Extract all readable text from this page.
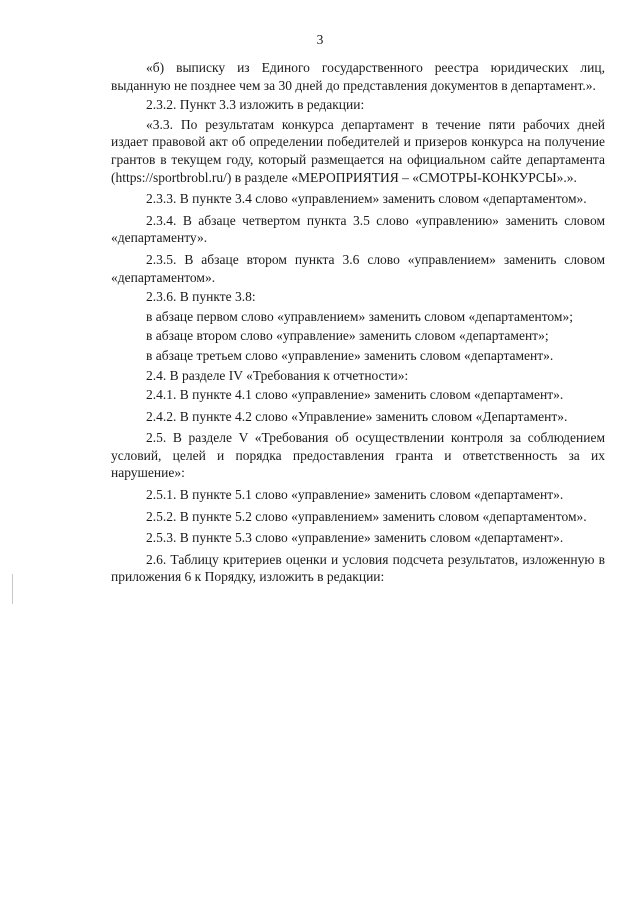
3

«б) выписку из Единого государственного реестра юридических лиц, выданную не позднее чем за 30 дней до представления документов в департамент.».

2.3.2. Пункт 3.3 изложить в редакции:

«3.3. По результатам конкурса департамент в течение пяти рабочих дней издает правовой акт об определении победителей и призеров конкурса на получение грантов в текущем году, который размещается на официальном сайте департамента (https://sportbrobl.ru/) в разделе «МЕРОПРИЯТИЯ – «СМОТРЫ-КОНКУРСЫ».».

2.3.3. В пункте 3.4 слово «управлением» заменить словом «департаментом».

2.3.4. В абзаце четвертом пункта 3.5 слово «управлению» заменить словом «департаменту».

2.3.5. В абзаце втором пункта 3.6 слово «управлением» заменить словом «департаментом».

2.3.6. В пункте 3.8:

в абзаце первом слово «управлением» заменить словом «департаментом»;

в абзаце втором слово «управление» заменить словом «департамент»;

в абзаце третьем слово «управление» заменить словом «департамент».

2.4. В разделе IV «Требования к отчетности»:

2.4.1. В пункте 4.1 слово «управление» заменить словом «департамент».

2.4.2. В пункте 4.2 слово «Управление» заменить словом «Департамент».

2.5. В разделе V «Требования об осуществлении контроля за соблюдением условий, целей и порядка предоставления гранта и ответственность за их нарушение»:

2.5.1. В пункте 5.1 слово «управление» заменить словом «департамент».

2.5.2. В пункте 5.2 слово «управлением» заменить словом «департаментом».

2.5.3. В пункте 5.3 слово «управление» заменить словом «департамент».

2.6. Таблицу критериев оценки и условия подсчета результатов, изложенную в приложения 6 к Порядку, изложить в редакции:
